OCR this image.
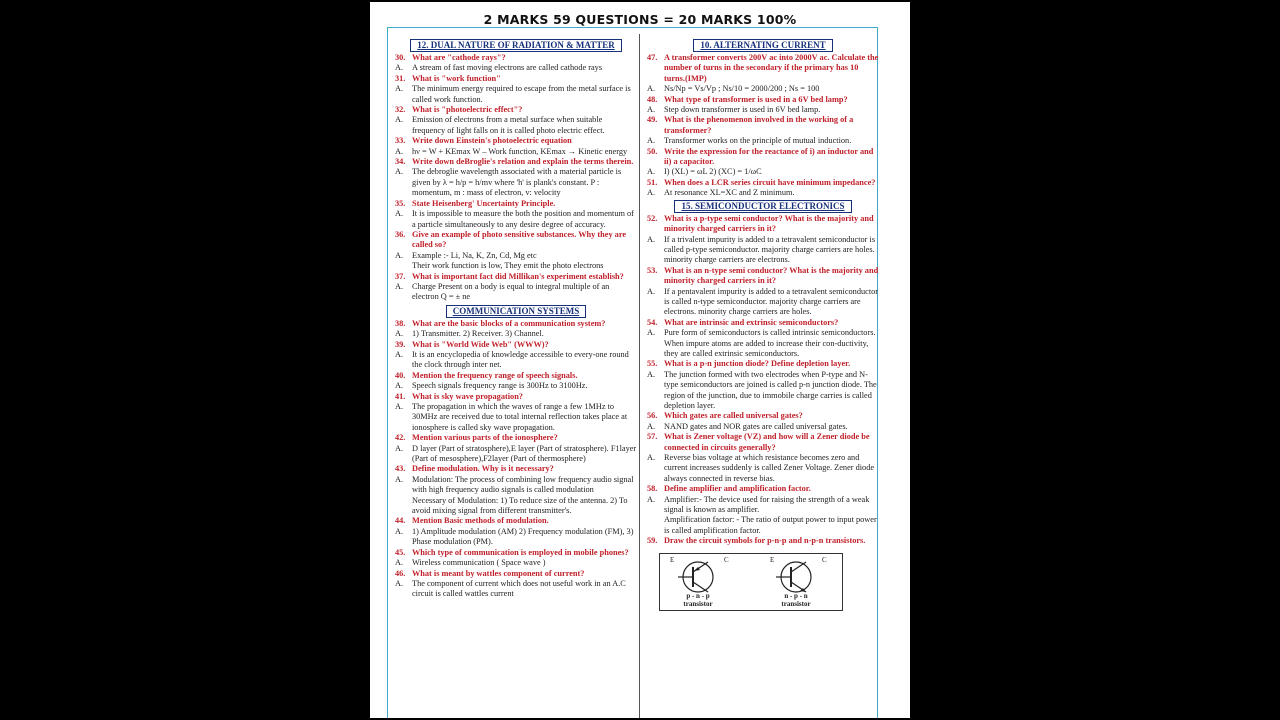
2 MARKS 59 QUESTIONS = 20 MARKS 100%
12. DUAL NATURE OF RADIATION & MATTER
30. What are "cathode rays"?
A.	A stream of fast moving electrons are called cathode rays
31. What is "work function"
A.	The minimum energy required to escape from the metal surface is called work function.
32. What is "photoelectric effect"?
A.	Emission of electrons from a metal surface when suitable frequency of light falls on it is called photo electric effect.
33. Write down Einstein's photoelectric equation
A.	hν = W + KEmax W – Work function, KEmax → Kinetic energy
34. Write down deBroglie's relation and explain the terms therein.
A.	The debroglie wavelength associated with a material particle is given by λ = h/p = h/mv where 'h' is plank's constant. P : momentum, m : mass of electron, v: velocity
35. State Heisenberg' Uncertainty Principle.
A.	It is impossible to measure the both the position and momentum of a particle simultaneously to any desire degree of accuracy.
36. Give an example of photo sensitive substances. Why they are called so?
A.	Example :- Li, Na, K, Zn, Cd, Mg etc
Their work function is low, They emit the photo electrons
37. What is important fact did Millikan's experiment establish?
A.	Charge Present on a body is equal to integral multiple of an electron Q = ± ne
COMMUNICATION SYSTEMS
38. What are the basic blocks of a communication system?
A.	1) Transmitter. 2) Receiver. 3) Channel.
39. What is "World Wide Web" (WWW)?
A.	It is an encyclopedia of knowledge accessible to every-one round the clock through inter net.
40. Mention the frequency range of speech signals.
A.	Speech signals frequency range is 300Hz to 3100Hz.
41. What is sky wave propagation?
A.	The propagation in which the waves of range a few 1MHz to 30MHz are received due to total internal reflection takes place at ionosphere is called sky wave propagation.
42. Mention various parts of the ionosphere?
A.	D layer (Part of stratosphere),E layer (Part of stratosphere). F1layer (Part of mesosphere),F2layer (Part of thermosphere)
43. Define modulation. Why is it necessary?
A.	Modulation: The process of combining low frequency audio signal with high frequency audio signals is called modulation
Necessary of Modulation: 1) To reduce size of the antenna. 2) To avoid mixing signal from different transmitter's.
44. Mention Basic methods of modulation.
A.	1) Amplitude modulation (AM) 2) Frequency modulation (FM), 3) Phase modulation (PM).
45. Which type of communication is employed in mobile phones?
A.	Wireless communication ( Space wave )
46. What is meant by wattles component of current?
A.	The component of current which does not useful work in an A.C circuit is called wattles current
10. ALTERNATING CURRENT
47. A transformer converts 200V ac into 2000V ac. Calculate the number of turns in the secondary if the primary has 10 turns.(IMP)
A.	Ns/Np = Vs/Vp ; Ns/10 = 2000/200 ; Ns = 100
48. What type of transformer is used in a 6V bed lamp?
A.	Step down transformer is used in 6V bed lamp.
49. What is the phenomenon involved in the working of a transformer?
A.	Transformer works on the principle of mutual induction.
50. Write the expression for the reactance of i) an inductor and ii) a capacitor.
A.	I) (XL) = ωL 2) (XC) = 1/ωC
51. When does a LCR series circuit have minimum impedance?
A.	At resonance XL=XC and Z minimum.
15. SEMICONDUCTOR ELECTRONICS
52. What is a p-type semi conductor? What is the majority and minority charged carriers in it?
A.	If a trivalent impurity is added to a tetravalent semiconductor is called p-type semiconductor. majority charge carriers are holes. minority charge carriers are electrons.
53. What is an n-type semi conductor? What is the majority and minority charged carriers in it?
A.	If a pentavalent impurity is added to a tetravalent semiconductor is called n-type semiconductor. majority charge carriers are electrons. minority charge carriers are holes.
54. What are intrinsic and extrinsic semiconductors?
A.	Pure form of semiconductors is called intrinsic semiconductors. When impure atoms are added to increase their con-ductivity, they are called extrinsic semiconductors.
55. What is a p-n junction diode? Define depletion layer.
A.	The junction formed with two electrodes when P-type and N-type semiconductors are joined is called p-n junction diode. The region of the junction, due to immobile charge carries is called depletion layer.
56. Which gates are called universal gates?
A.	NAND gates and NOR gates are called universal gates.
57. What is Zener voltage (VZ) and how will a Zener diode be connected in circuits generally?
A.	Reverse bias voltage at which resistance becomes zero and current increases suddenly is called Zener Voltage. Zener diode always connected in reverse bias.
58. Define amplifier and amplification factor.
A.	Amplifier:- The device used for raising the strength of a weak signal is known as amplifier.
Amplification factor: - The ratio of output power to input power is called amplification factor.
59. Draw the circuit symbols for p-n-p and n-p-n transistors.
E	C	E	C
p - n - p
transistor
n - p - n
transistor
